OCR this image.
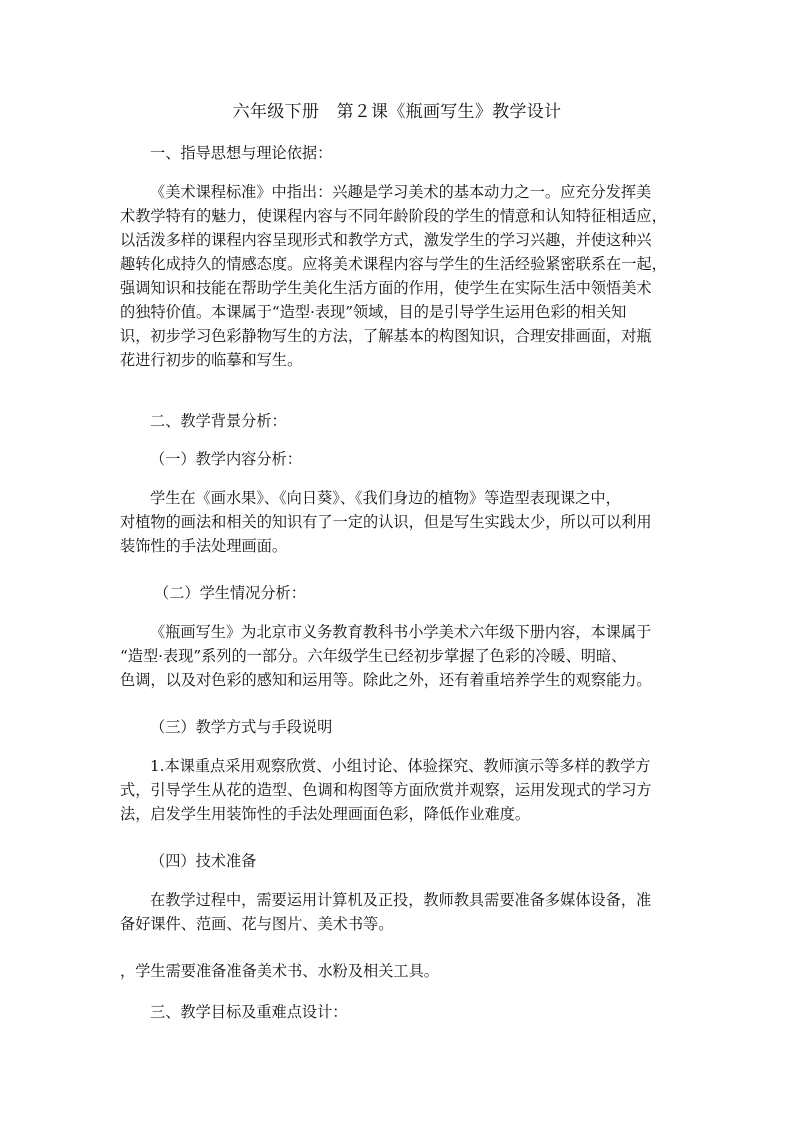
六年级下册　第２课《瓶画写生》教学设计
一、指导思想与理论依据：
《美术课程标准》中指出：兴趣是学习美术的基本动力之一。应充分发挥美
术教学特有的魅力，使课程内容与不同年龄阶段的学生的情意和认知特征相适应，
以活泼多样的课程内容呈现形式和教学方式，激发学生的学习兴趣，并使这种兴
趣转化成持久的情感态度。应将美术课程内容与学生的生活经验紧密联系在一起，
强调知识和技能在帮助学生美化生活方面的作用，使学生在实际生活中领悟美术
的独特价值。本课属于“造型·表现”领域，目的是引导学生运用色彩的相关知
识，初步学习色彩静物写生的方法，了解基本的构图知识，合理安排画面，对瓶
花进行初步的临摹和写生。
二、教学背景分析：
（一）教学内容分析：
学生在《画水果》、《向日葵》、《我们身边的植物》等造型表现课之中，
对植物的画法和相关的知识有了一定的认识，但是写生实践太少，所以可以利用
装饰性的手法处理画面。
（二）学生情况分析：
《瓶画写生》为北京市义务教育教科书小学美术六年级下册内容，本课属于
“造型·表现”系列的一部分。六年级学生已经初步掌握了色彩的冷暖、明暗、
色调，以及对色彩的感知和运用等。除此之外，还有着重培养学生的观察能力。
（三）教学方式与手段说明
1.本课重点采用观察欣赏、小组讨论、体验探究、教师演示等多样的教学方
式，引导学生从花的造型、色调和构图等方面欣赏并观察，运用发现式的学习方
法，启发学生用装饰性的手法处理画面色彩，降低作业难度。
（四）技术准备
在教学过程中，需要运用计算机及正投，教师教具需要准备多媒体设备，准
备好课件、范画、花与图片、美术书等。
，学生需要准备准备美术书、水粉及相关工具。
三、教学目标及重难点设计：
